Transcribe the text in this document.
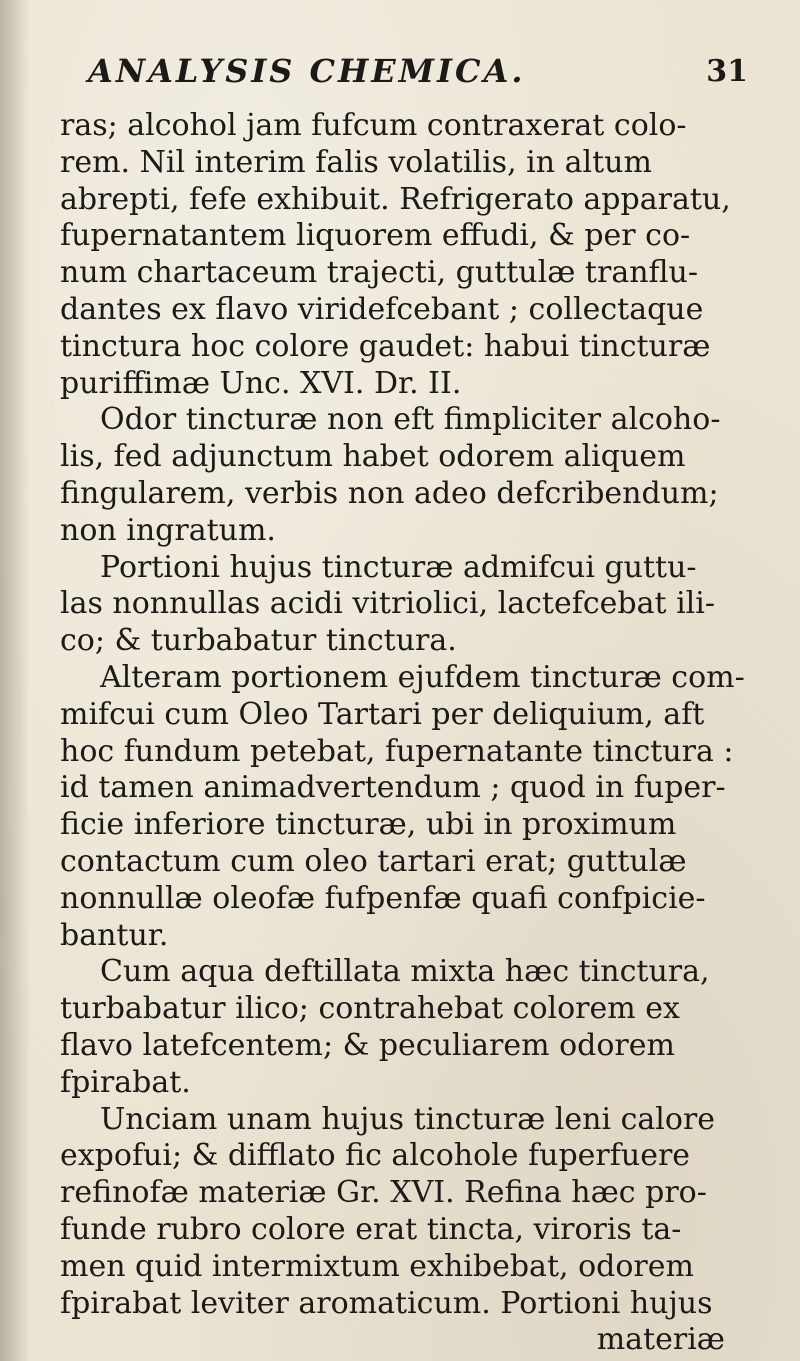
ANALYSIS CHEMICA.	31
ras; alcohol jam fufcum contraxerat colo-
rem. Nil interim falis volatilis, in altum
abrepti, fefe exhibuit. Refrigerato apparatu,
fupernatantem liquorem effudi, & per co-
num chartaceum trajecti, guttulæ tranflu-
dantes ex flavo viridefcebant ; collectaque
tinctura hoc colore gaudet: habui tincturæ
puriffimæ Unc. XVI. Dr. II.
Odor tincturæ non eft fimpliciter alcoho-
lis, fed adjunctum habet odorem aliquem
fingularem, verbis non adeo defcribendum;
non ingratum.
Portioni hujus tincturæ admifcui guttu-
las nonnullas acidi vitriolici, lactefcebat ili-
co; & turbabatur tinctura.
Alteram portionem ejufdem tincturæ com-
mifcui cum Oleo Tartari per deliquium, aft
hoc fundum petebat, fupernatante tinctura :
id tamen animadvertendum ; quod in fuper-
ficie inferiore tincturæ, ubi in proximum
contactum cum oleo tartari erat; guttulæ
nonnullæ oleofæ fufpenfæ quafi confpicie-
bantur.
Cum aqua deftillata mixta hæc tinctura,
turbabatur ilico; contrahebat colorem ex
flavo latefcentem; & peculiarem odorem
fpirabat.
Unciam unam hujus tincturæ leni calore
expofui; & difflato fic alcohole fuperfuere
refinofæ materiæ Gr. XVI. Refina hæc pro-
funde rubro colore erat tincta, viroris ta-
men quid intermixtum exhibebat, odorem
fpirabat leviter aromaticum. Portioni hujus
materiæ
